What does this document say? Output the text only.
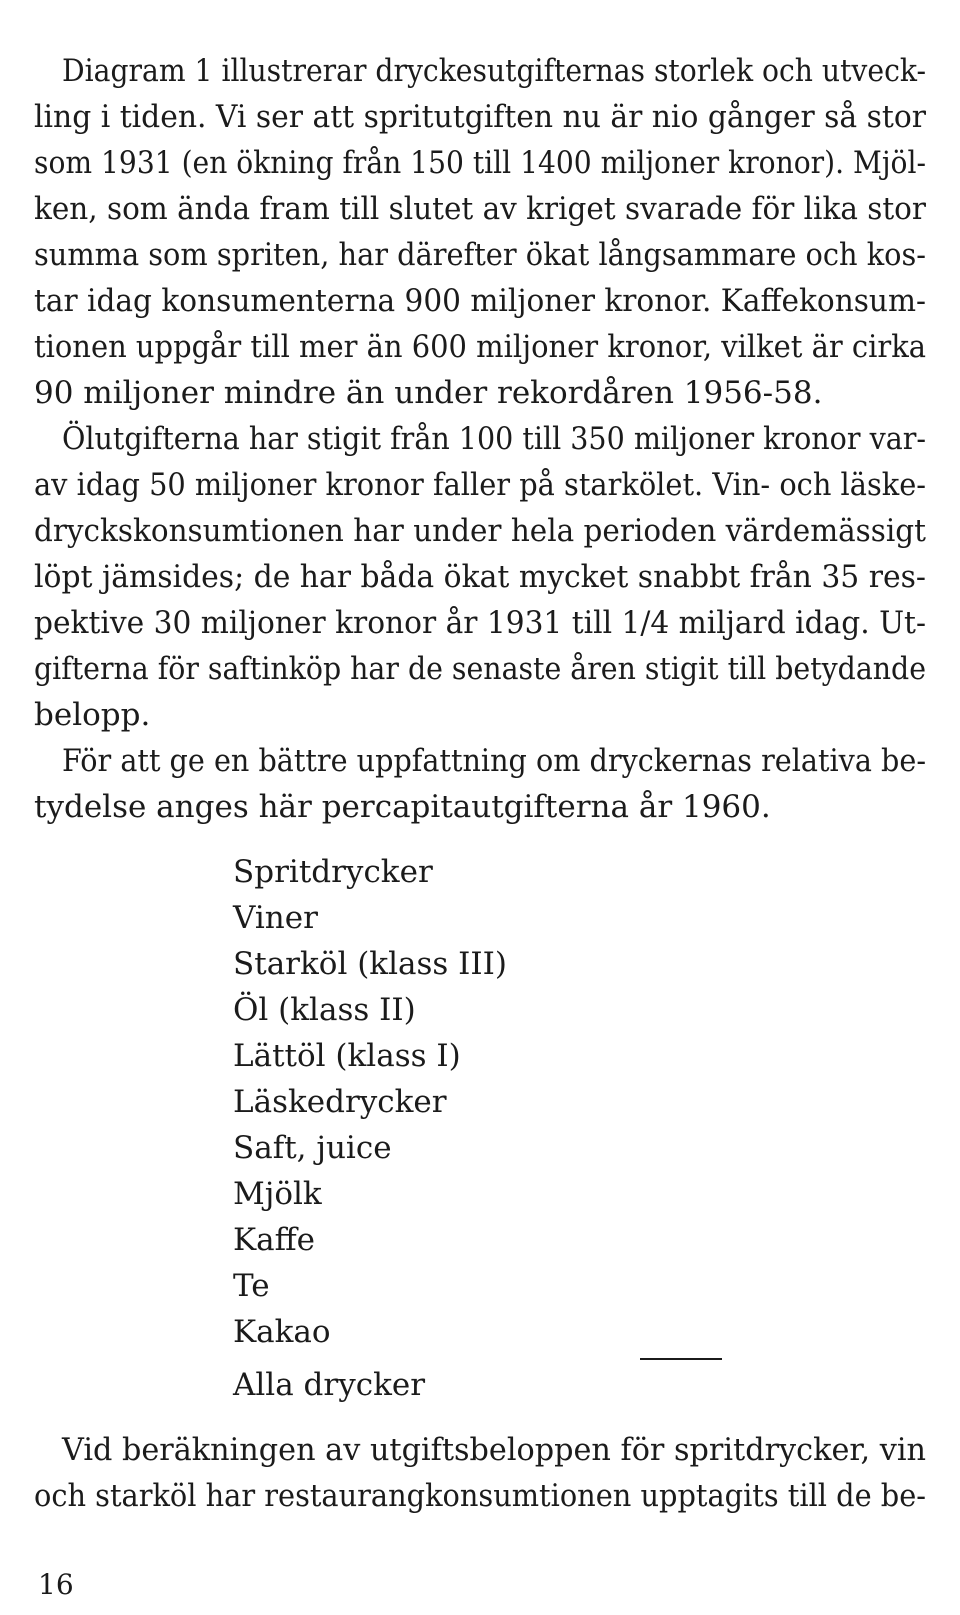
Diagram 1 illustrerar dryckesutgifternas storlek och utveck-
ling i tiden. Vi ser att spritutgiften nu är nio gånger så stor
som 1931 (en ökning från 150 till 1400 miljoner kronor). Mjöl-
ken, som ända fram till slutet av kriget svarade för lika stor
summa som spriten, har därefter ökat långsammare och kos-
tar idag konsumenterna 900 miljoner kronor. Kaffekonsum-
tionen uppgår till mer än 600 miljoner kronor, vilket är cirka
90 miljoner mindre än under rekordåren 1956-58.
Ölutgifterna har stigit från 100 till 350 miljoner kronor var-
av idag 50 miljoner kronor faller på starkölet. Vin- och läske-
dryckskonsumtionen har under hela perioden värdemässigt
löpt jämsides; de har båda ökat mycket snabbt från 35 res-
pektive 30 miljoner kronor år 1931 till 1/4 miljard idag. Ut-
gifterna för saftinköp har de senaste åren stigit till betydande
belopp.
För att ge en bättre uppfattning om dryckernas relativa be-
tydelse anges här percapitautgifterna år 1960.
Spritdrycker
Viner
Starköl (klass III)
Öl (klass II)
Lättöl (klass I)
Läskedrycker
Saft, juice
Mjölk
Kaffe
Te
Kakao
Alla drycker
Vid beräkningen av utgiftsbeloppen för spritdrycker, vin
och starköl har restaurangkonsumtionen upptagits till de be-
16
